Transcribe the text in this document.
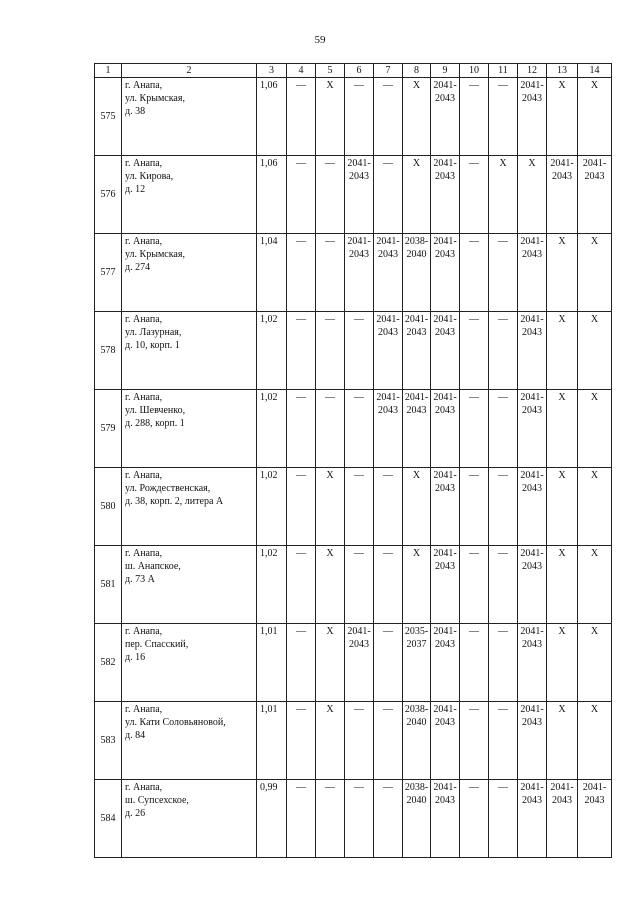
59
1	2	3	4	5	6	7	8	9	10	11	12	13	14
575	г. Анапа,
ул. Крымская,
д. 38	1,06	—	X	—	—	X	2041-
2043	—	—	2041-
2043	X	X

576	г. Анапа,
ул. Кирова,
д. 12	1,06	—	—	2041-
2043	—	X	2041-
2043	—	X	X	2041-
2043	2041-
2043

577	г. Анапа,
ул. Крымская,
д. 274	1,04	—	—	2041-
2043	2041-
2043	2038-
2040	2041-
2043	—	—	2041-
2043	X	X

578	г. Анапа,
ул. Лазурная,
д. 10, корп. 1	1,02	—	—	—	2041-
2043	2041-
2043	2041-
2043	—	—	2041-
2043	X	X

579	г. Анапа,
ул. Шевченко,
д. 288, корп. 1	1,02	—	—	—	2041-
2043	2041-
2043	2041-
2043	—	—	2041-
2043	X	X

580	г. Анапа,
ул. Рождественская,
д. 38, корп. 2, литера А	1,02	—	X	—	—	X	2041-
2043	—	—	2041-
2043	X	X

581	г. Анапа,
ш. Анапское,
д. 73 А	1,02	—	X	—	—	X	2041-
2043	—	—	2041-
2043	X	X

582	г. Анапа,
пер. Спасский,
д. 16	1,01	—	X	2041-
2043	—	2035-
2037	2041-
2043	—	—	2041-
2043	X	X

583	г. Анапа,
ул. Кати Соловьяновой,
д. 84	1,01	—	X	—	—	2038-
2040	2041-
2043	—	—	2041-
2043	X	X

584	г. Анапа,
ш. Супсехское,
д. 26	0,99	—	—	—	—	2038-
2040	2041-
2043	—	—	2041-
2043	2041-
2043	2041-
2043
